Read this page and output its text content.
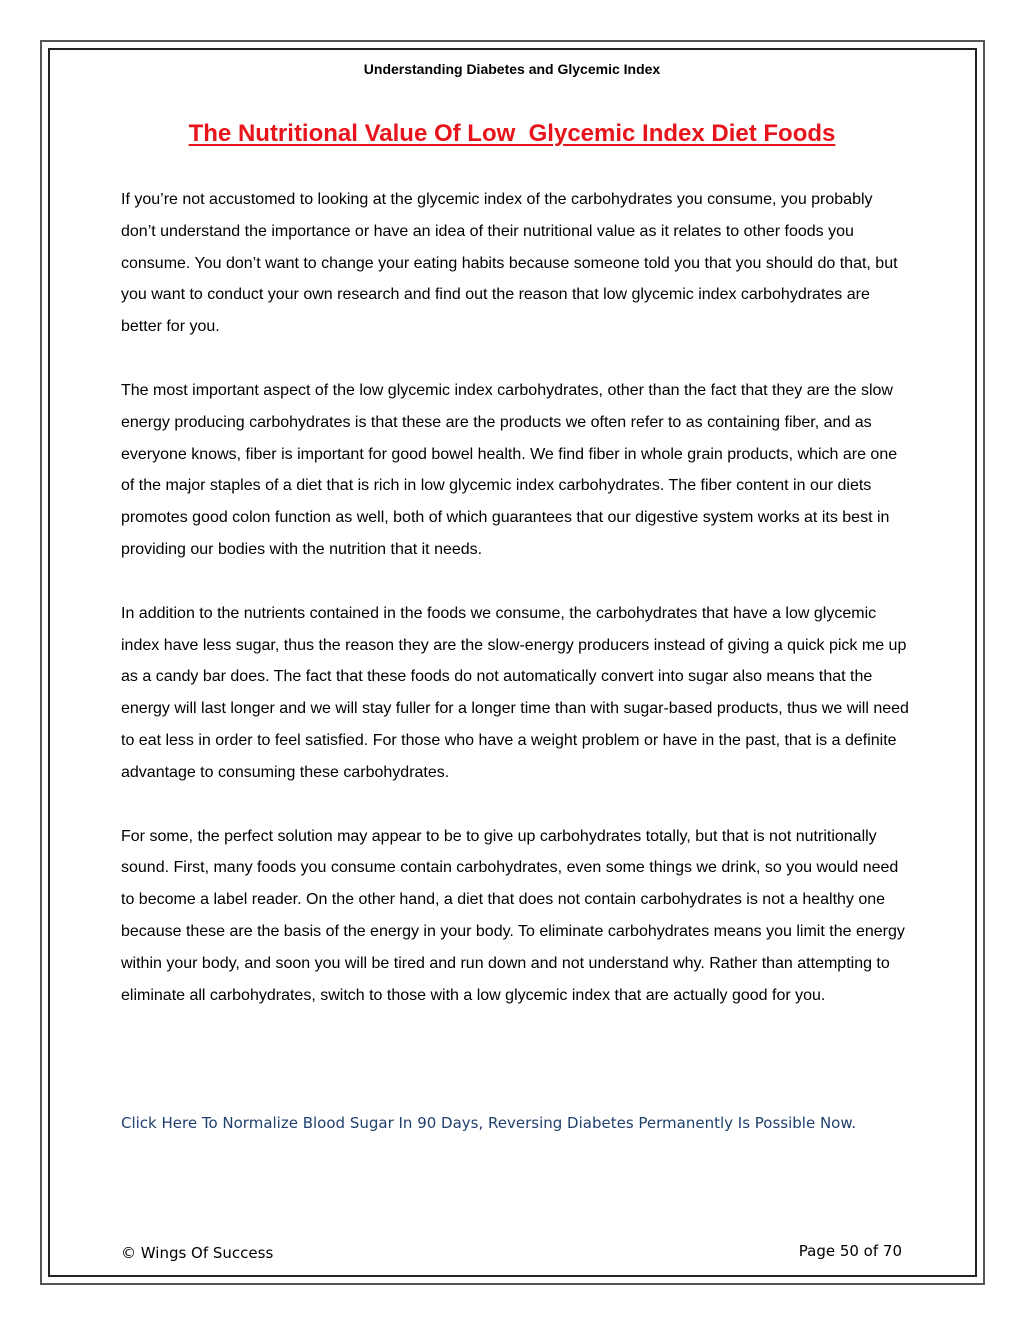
Understanding Diabetes and Glycemic Index
The Nutritional Value Of Low  Glycemic Index Diet Foods

If you’re not accustomed to looking at the glycemic index of the carbohydrates you consume, you probably don’t understand the importance or have an idea of their nutritional value as it relates to other foods you consume. You don’t want to change your eating habits because someone told you that you should do that, but you want to conduct your own research and find out the reason that low glycemic index carbohydrates are better for you.

The most important aspect of the low glycemic index carbohydrates, other than the fact that they are the slow energy producing carbohydrates is that these are the products we often refer to as containing fiber, and as everyone knows, fiber is important for good bowel health. We find fiber in whole grain products, which are one of the major staples of a diet that is rich in low glycemic index carbohydrates. The fiber content in our diets promotes good colon function as well, both of which guarantees that our digestive system works at its best in providing our bodies with the nutrition that it needs.

In addition to the nutrients contained in the foods we consume, the carbohydrates that have a low glycemic index have less sugar, thus the reason they are the slow-energy producers instead of giving a quick pick me up as a candy bar does. The fact that these foods do not automatically convert into sugar also means that the energy will last longer and we will stay fuller for a longer time than with sugar-based products, thus we will need to eat less in order to feel satisfied. For those who have a weight problem or have in the past, that is a definite advantage to consuming these carbohydrates.

For some, the perfect solution may appear to be to give up carbohydrates totally, but that is not nutritionally sound. First, many foods you consume contain carbohydrates, even some things we drink, so you would need to become a label reader. On the other hand, a diet that does not contain carbohydrates is not a healthy one because these are the basis of the energy in your body. To eliminate carbohydrates means you limit the energy within your body, and soon you will be tired and run down and not understand why. Rather than attempting to eliminate all carbohydrates, switch to those with a low glycemic index that are actually good for you.

Click Here To Normalize Blood Sugar In 90 Days, Reversing Diabetes Permanently Is Possible Now.
© Wings Of Success	Page 50 of 70
